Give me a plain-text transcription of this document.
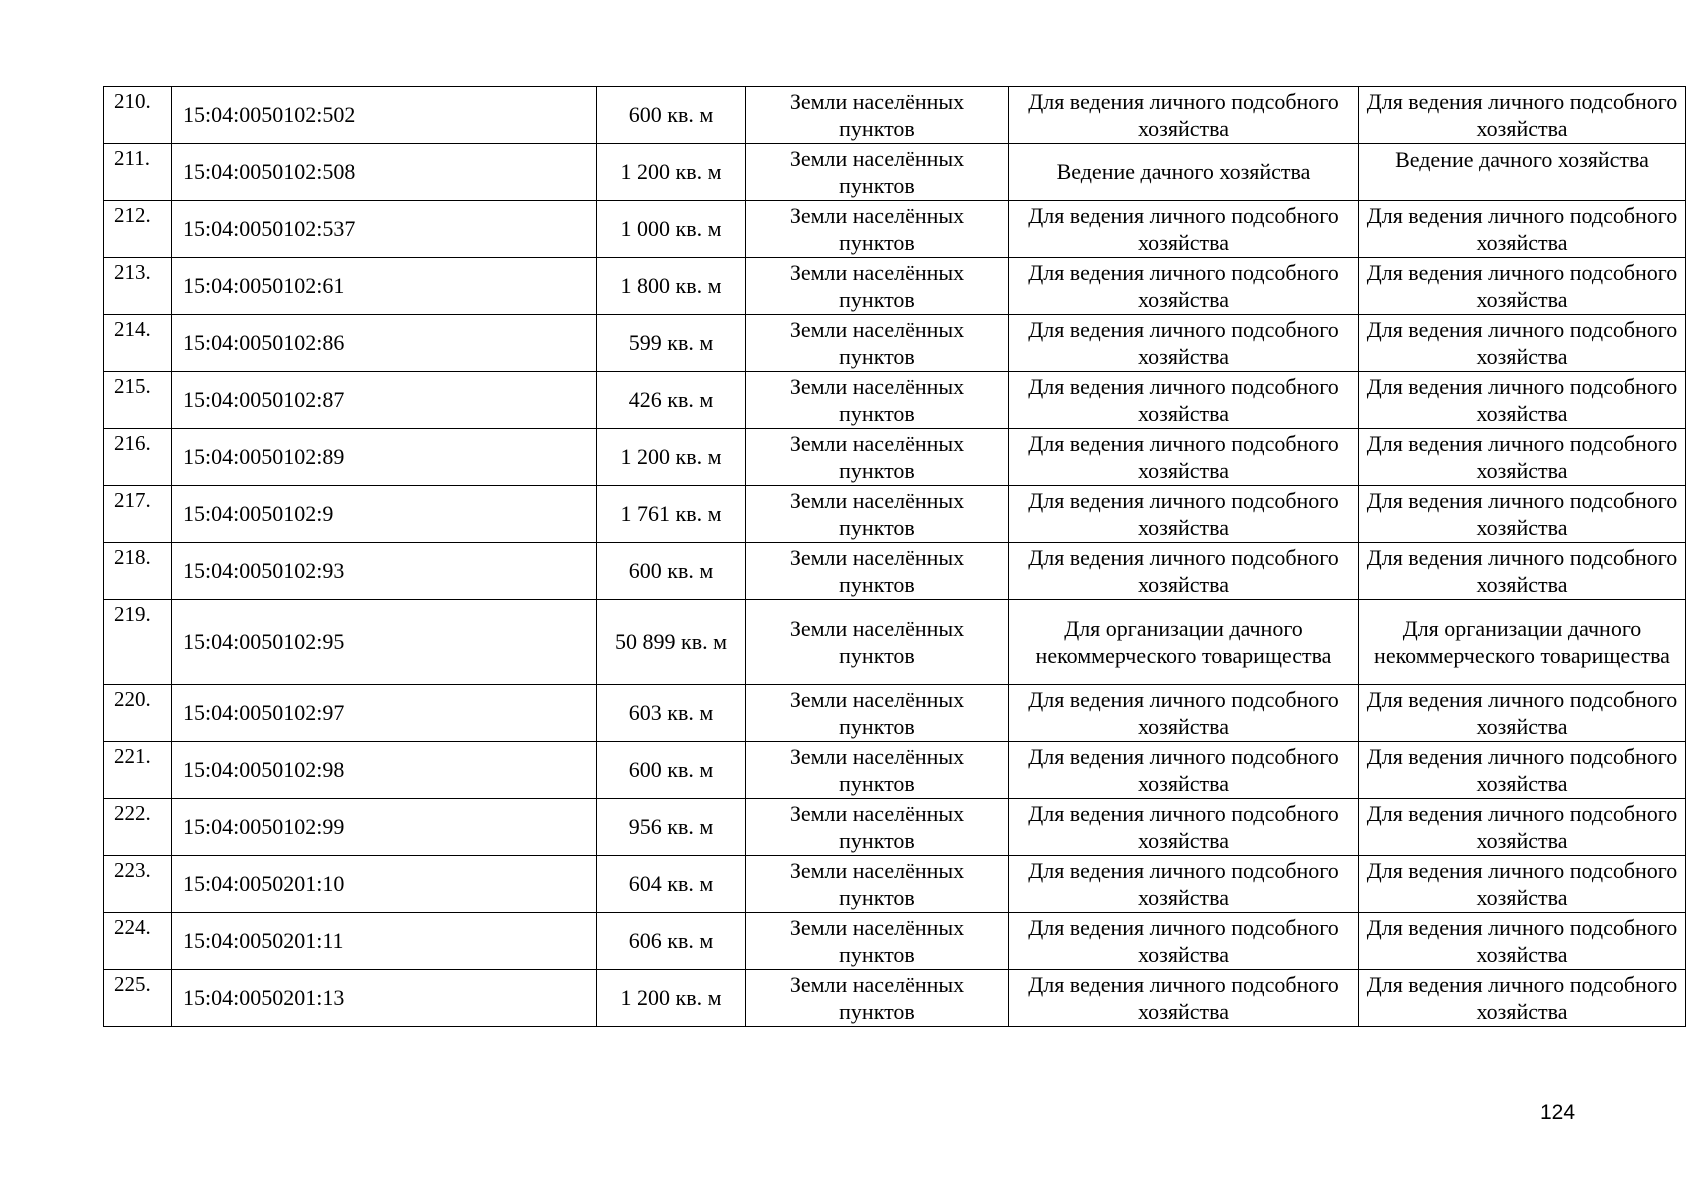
210.	15:04:0050102:502	600 кв. м	Земли населённых пунктов	Для ведения личного подсобного хозяйства	Для ведения личного подсобного хозяйства
211.	15:04:0050102:508	1 200 кв. м	Земли населённых пунктов	Ведение дачного хозяйства	Ведение дачного хозяйства
212.	15:04:0050102:537	1 000 кв. м	Земли населённых пунктов	Для ведения личного подсобного хозяйства	Для ведения личного подсобного хозяйства
213.	15:04:0050102:61	1 800 кв. м	Земли населённых пунктов	Для ведения личного подсобного хозяйства	Для ведения личного подсобного хозяйства
214.	15:04:0050102:86	599 кв. м	Земли населённых пунктов	Для ведения личного подсобного хозяйства	Для ведения личного подсобного хозяйства
215.	15:04:0050102:87	426 кв. м	Земли населённых пунктов	Для ведения личного подсобного хозяйства	Для ведения личного подсобного хозяйства
216.	15:04:0050102:89	1 200 кв. м	Земли населённых пунктов	Для ведения личного подсобного хозяйства	Для ведения личного подсобного хозяйства
217.	15:04:0050102:9	1 761 кв. м	Земли населённых пунктов	Для ведения личного подсобного хозяйства	Для ведения личного подсобного хозяйства
218.	15:04:0050102:93	600 кв. м	Земли населённых пунктов	Для ведения личного подсобного хозяйства	Для ведения личного подсобного хозяйства
219.	15:04:0050102:95	50 899 кв. м	Земли населённых пунктов	Для организации дачного некоммерческого товарищества	Для организации дачного некоммерческого товарищества
220.	15:04:0050102:97	603 кв. м	Земли населённых пунктов	Для ведения личного подсобного хозяйства	Для ведения личного подсобного хозяйства
221.	15:04:0050102:98	600 кв. м	Земли населённых пунктов	Для ведения личного подсобного хозяйства	Для ведения личного подсобного хозяйства
222.	15:04:0050102:99	956 кв. м	Земли населённых пунктов	Для ведения личного подсобного хозяйства	Для ведения личного подсобного хозяйства
223.	15:04:0050201:10	604 кв. м	Земли населённых пунктов	Для ведения личного подсобного хозяйства	Для ведения личного подсобного хозяйства
224.	15:04:0050201:11	606 кв. м	Земли населённых пунктов	Для ведения личного подсобного хозяйства	Для ведения личного подсобного хозяйства
225.	15:04:0050201:13	1 200 кв. м	Земли населённых пунктов	Для ведения личного подсобного хозяйства	Для ведения личного подсобного хозяйства
124
